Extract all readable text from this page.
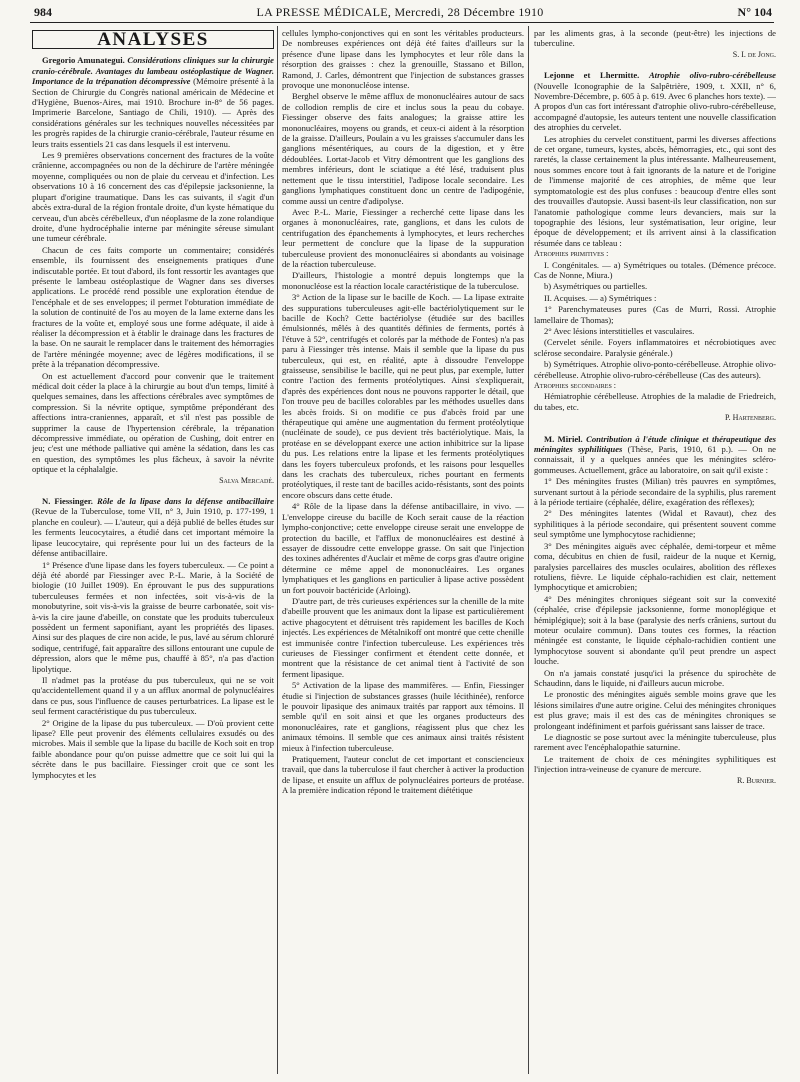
984	LA PRESSE MÉDICALE, Mercredi, 28 Décembre 1910	N° 104
ANALYSES

Gregorio Amunategui. Considérations cliniques sur la chirurgie cranio-cérébrale. Avantages du lambeau ostéoplastique de Wagner. Importance de la trépanation décompressive (Mémoire présenté à la Section de Chirurgie du Congrès national américain de Médecine et d'Hygiène, Buenos-Aires, mai 1910. Brochure in-8° de 56 pages. Imprimerie Barcelone, Santiago de Chili, 1910). — Après des considérations générales sur les techniques nouvelles nécessitées par les progrès rapides de la chirurgie cranio-cérébrale, l'auteur résume en leurs traits essentiels 21 cas dans lesquels il est intervenu.

Les 9 premières observations concernent des fractures de la voûte crânienne, accompagnées ou non de la déchirure de l'artère méningée moyenne, compliquées ou non de plaie du cerveau et d'infection. Les observations 10 à 16 concernent des cas d'épilepsie jacksonienne, la plupart d'origine traumatique. Dans les cas suivants, il s'agit d'un abcès extra-dural de la région frontale droite, d'un kyste hématique du cerveau, d'un abcès cérébelleux, d'un néoplasme de la zone rolandique droite, d'une hydrocéphalie interne par méningite séreuse simulant une tumeur cérébrale.

Chacun de ces faits comporte un commentaire; considérés ensemble, ils fournissent des enseignements pratiques d'une indiscutable portée. Et tout d'abord, ils font ressortir les avantages que présente le lambeau ostéoplastique de Wagner dans ses diverses applications. Le procédé rend possible une exploration étendue de l'encéphale et de ses enveloppes; il permet l'obturation immédiate de la solution de continuité de l'os au moyen de la lame externe dans les fractures de la voûte et, employé sous une forme adéquate, il aide à réaliser la décompression et à établir le drainage dans les fractures de la base. On ne saurait le remplacer dans le traitement des hémorragies de l'artère méningée moyenne; avec de légères modifications, il se prête à la trépanation décompressive.

On est actuellement d'accord pour convenir que le traitement médical doit céder la place à la chirurgie au bout d'un temps, limité à quelques semaines, dans les affections cérébrales avec symptômes de compression. Si la névrite optique, symptôme prépondérant des affections intra-craniennes, apparaît, et s'il n'est pas possible de supprimer la cause de l'hypertension cérébrale, la trépanation décompressive immédiate, ou opération de Cushing, doit entrer en jeu; c'est une méthode palliative qui amène la sédation, dans les cas en question, des symptômes les plus fâcheux, à savoir la névrite optique et la céphalalgie.

Salva Mercadé.

N. Fiessinger. Rôle de la lipase dans la défense antibacillaire (Revue de la Tuberculose, tome VII, n° 3, Juin 1910, p. 177-199, 1 planche en couleur). — L'auteur, qui a déjà publié de belles études sur les ferments leucocytaires, a étudié dans cet important mémoire la lipase leucocytaire, qui représente pour lui un des facteurs de la défense antibacillaire.

1° Présence d'une lipase dans les foyers tuberculeux. — Ce point a déjà été abordé par Fiessinger avec P.-L. Marie, à la Société de biologie (10 Juillet 1909). En éprouvant le pus des suppurations tuberculeuses fermées et non infectées, soit vis-à-vis de la monobutyrine, soit vis-à-vis la graisse de beurre carbonatée, soit vis-à-vis la cire jaune d'abeille, on constate que les produits tuberculeux possèdent un ferment saponifiant, ayant les propriétés des lipases. Ainsi sur des plaques de cire non acide, le pus, lavé au sérum chloruré sodique, centrifugé, fait apparaître des sillons entourant une cupule de dépression, alors que le même pus, chauffé à 85°, n'a pas d'action lipolytique.

Il n'admet pas la protéase du pus tuberculeux, qui ne se voit qu'accidentellement quand il y a un afflux anormal de polynucléaires dans ce pus, sous l'influence de causes perturbatrices. La lipase est le seul ferment caractéristique du pus tuberculeux.

2° Origine de la lipase du pus tuberculeux. — D'où provient cette lipase? Elle peut provenir des éléments cellulaires exsudés ou des microbes. Mais il semble que la lipase du bacille de Koch soit en trop faible abondance pour qu'on puisse admettre que ce soit lui qui la sécrète dans le pus bacillaire. Fiessinger croit que ce sont les lymphocytes et les

cellules lympho-conjonctives qui en sont les véritables producteurs. De nombreuses expériences ont déjà été faites d'ailleurs sur la présence d'une lipase dans les lymphocytes et leur rôle dans la résorption des graisses : chez la grenouille, Stassano et Billon, Ramond, J. Carles, démontrent que l'injection de substances grasses provoque une mononucléose intense.

Berghel observe le même afflux de mononucléaires autour de sacs de collodion remplis de cire et inclus sous la peau du cobaye. Fiessinger observe des faits analogues; la graisse attire les mononucléaires, moyens ou grands, et ceux-ci aident à la résorption de la graisse. D'ailleurs, Poulain a vu les graisses s'accumuler dans les ganglions mésentériques, au cours de la digestion, et y être dédoublées. Lortat-Jacob et Vitry démontrent que les ganglions des membres inférieurs, dont le sciatique a été lésé, traduisent plus nettement que le tissu interstitiel, l'adipose locale secondaire. Les ganglions lymphatiques constituent donc un centre de l'adipogénie, comme aussi un centre d'adipolyse.

Avec P.-L. Marie, Fiessinger a recherché cette lipase dans les organes à mononucléaires, rate, ganglions, et dans les culots de centrifugation des épanchements à lymphocytes, et leurs recherches leur permettent de conclure que la lipase de la suppuration tuberculeuse provient des mononucléaires si abondants au voisinage de la réaction tuberculeuse.

D'ailleurs, l'histologie a montré depuis longtemps que la mononucléose est la réaction locale caractéristique de la tuberculose.

3° Action de la lipase sur le bacille de Koch. — La lipase extraite des suppurations tuberculeuses agit-elle bactériolytiquement sur le bacille de Koch? Cette bactériolyse (étudiée sur des bacilles émulsionnés, mêlés à des quantités définies de ferments, portés à l'étuve à 52°, centrifugés et colorés par la méthode de Fontes) n'a pas paru à Fiessinger très intense. Mais il semble que la lipase du pus tuberculeux, qui est, en réalité, apte à dissoudre l'enveloppe graisseuse, sensibilise le bacille, qui ne peut plus, par exemple, lutter contre l'action des ferments protéolytiques. Ainsi s'expliquerait, d'après des expériences dont nous ne pouvons rapporter le détail, que l'on trouve peu de bacilles colorables par les méthodes usuelles dans les abcès froids. Si on modifie ce pus d'abcès froid par une thérapeutique qui amène une augmentation du ferment protéolytique (nucléinate de soude), ce pus devient très bactériolytique. Mais, la protéase en se développant exerce une action inhibitrice sur la lipase du pus. Les relations entre la lipase et les ferments protéolytiques dans les foyers tuberculeux profonds, et les raisons pour lesquelles dans les crachats des tuberculeux, riches pourtant en ferments protéolytiques, il reste tant de bacilles acido-résistants, sont des points encore obscurs dans cette étude.

4° Rôle de la lipase dans la défense antibacillaire, in vivo. — L'enveloppe cireuse du bacille de Koch serait cause de la réaction lympho-conjonctive; cette enveloppe cireuse serait une enveloppe de protection du bacille, et l'afflux de mononucléaires est destiné à essayer de dissoudre cette enveloppe grasse. On sait que l'injection des toxines adhérentes d'Auclair et même de corps gras d'autre origine détermine ce même appel de mononucléaires. Les organes lymphatiques et les ganglions en particulier à lipase active possèdent un fort pouvoir bactéricide (Arloing).

D'autre part, de très curieuses expériences sur la chenille de la mite d'abeille prouvent que les animaux dont la lipase est particulièrement active phagocytent et détruisent très rapidement les bacilles de Koch injectés. Les expériences de Métalnikoff ont montré que cette chenille est immunisée contre l'infection tuberculeuse. Les expériences très curieuses de Fiessinger confirment et étendent cette donnée, et montrent que la résistance de cet animal tient à l'activité de son ferment lipasique.

5° Activation de la lipase des mammifères. — Enfin, Fiessinger étudie si l'injection de substances grasses (huile lécithinée), renforce le pouvoir lipasique des animaux traités par rapport aux témoins. Il semble qu'il en soit ainsi et que les organes producteurs des mononucléaires, rate et ganglions, réagissent plus que chez les animaux témoins. Il semble que ces animaux ainsi traités résistent mieux à l'infection tuberculeuse.

Pratiquement, l'auteur conclut de cet important et consciencieux travail, que dans la tuberculose il faut chercher à activer la production de lipase, et ensuite un afflux de polynucléaires porteurs de protéase. A la première indication répond le traitement diététique

par les aliments gras, à la seconde (peut-être) les injections de tuberculine.

S. I. de Jong.

Lejonne et Lhermitte. Atrophie olivo-rubro-cérébelleuse (Nouvelle Iconographie de la Salpêtrière, 1909, t. XXII, n° 6, Novembre-Décembre, p. 605 à p. 619. Avec 6 planches hors texte). — A propos d'un cas fort intéressant d'atrophie olivo-rubro-cérébelleuse, accompagné d'autopsie, les auteurs tentent une nouvelle classification des atrophies du cervelet.

Les atrophies du cervelet constituent, parmi les diverses affections de cet organe, tumeurs, kystes, abcès, hémorragies, etc., qui sont des raretés, la classe certainement la plus intéressante. Malheureusement, nous sommes encore tout à fait ignorants de la nature et de l'origine de l'immense majorité de ces atrophies, de même que leur symptomatologie est des plus confuses : beaucoup d'entre elles sont des trouvailles d'autopsie. Aussi basent-ils leur classification, non sur l'anatomie pathologique comme leurs devanciers, mais sur la topographie des lésions, leur systématisation, leur origine, leur époque de développement; et ils arrivent ainsi à la classification résumée dans ce tableau :

Atrophies primitives :

I. Congénitales. — a) Symétriques ou totales. (Démence précoce. Cas de Nonne, Miura.)

b) Asymétriques ou partielles.

II. Acquises. — a) Symétriques :

1° Parenchymateuses pures (Cas de Murri, Rossi. Atrophie lamellaire de Thomas);

2° Avec lésions interstitielles et vasculaires.

(Cervelet sénile. Foyers inflammatoires et nécrobiotiques avec sclérose secondaire. Paralysie générale.)

b) Symétriques. Atrophie olivo-ponto-cérébelleuse. Atrophie olivo-cérébelleuse. Atrophie olivo-rubro-cérébelleuse (Cas des auteurs).

Atrophies secondaires :

Hémiatrophie cérébelleuse. Atrophies de la maladie de Friedreich, du tabes, etc.

P. Hartenberg.

M. Miriel. Contribution à l'étude clinique et thérapeutique des méningites syphilitiques (Thèse, Paris, 1910, 61 p.). — On ne connaissait, il y a quelques années que les méningites scléro-gommeuses. Actuellement, grâce au laboratoire, on sait qu'il existe :

1° Des méningites frustes (Milian) très pauvres en symptômes, survenant surtout à la période secondaire de la syphilis, plus rarement à la période tertiaire (céphalée, délire, exagération des réflexes);

2° Des méningites latentes (Widal et Ravaut), chez des syphilitiques à la période secondaire, qui présentent souvent comme seul symptôme une lymphocytose rachidienne;

3° Des méningites aiguës avec céphalée, demi-torpeur et même coma, décubitus en chien de fusil, raideur de la nuque et Kernig, paralysies parcellaires des muscles oculaires, abolition des réflexes rotuliens, fièvre. Le liquide céphalo-rachidien est clair, nettement lymphocytique et amicrobien;

4° Des méningites chroniques siégeant soit sur la convexité (céphalée, crise d'épilepsie jacksonienne, forme monoplégique et hémiplégique); soit à la base (paralysie des nerfs crâniens, surtout du moteur oculaire commun). Dans toutes ces formes, la réaction méningée est constante, le liquide céphalo-rachidien contient une lymphocytose souvent si abondante qu'il peut prendre un aspect louche.

On n'a jamais constaté jusqu'ici la présence du spirochète de Schaudinn, dans le liquide, ni d'ailleurs aucun microbe.

Le pronostic des méningites aiguës semble moins grave que les lésions similaires d'une autre origine. Celui des méningites chroniques est plus grave; mais il est des cas de méningites chroniques se prolongeant indéfiniment et parfois guérissant sans laisser de trace.

Le diagnostic se pose surtout avec la méningite tuberculeuse, plus rarement avec l'encéphalopathie saturnine.

Le traitement de choix de ces méningites syphilitiques est l'injection intra-veineuse de cyanure de mercure.

R. Burnier.
